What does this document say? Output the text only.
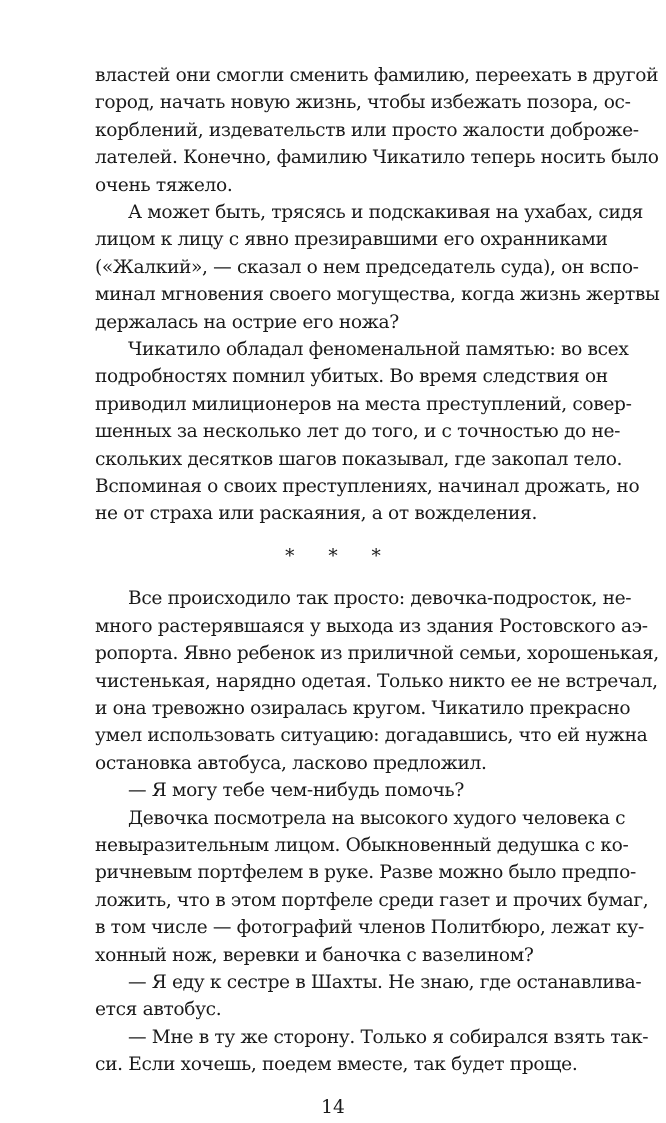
властей они смогли сменить фамилию, переехать в другой

город, начать новую жизнь, чтобы избежать позора, ос-

корблений, издевательств или просто жалости доброже-

лателей. Конечно, фамилию Чикатило теперь носить было

очень тяжело.

А может быть, трясясь и подскакивая на ухабах, сидя

лицом к лицу с явно презиравшими его охранниками

(«Жалкий», — сказал о нем председатель суда), он вспо-

минал мгновения своего могущества, когда жизнь жертвы

держалась на острие его ножа?

Чикатило обладал феноменальной памятью: во всех

подробностях помнил убитых. Во время следствия он

приводил милиционеров на места преступлений, совер-

шенных за несколько лет до того, и с точностью до не-

скольких десятков шагов показывал, где закопал тело.

Вспоминая о своих преступлениях, начинал дрожать, но

не от страха или раскаяния, а от вожделения.

* * *

Все происходило так просто: девочка-подросток, не-

много растерявшаяся у выхода из здания Ростовского аэ-

ропорта. Явно ребенок из приличной семьи, хорошенькая,

чистенькая, нарядно одетая. Только никто ее не встречал,

и она тревожно озиралась кругом. Чикатило прекрасно

умел использовать ситуацию: догадавшись, что ей нужна

остановка автобуса, ласково предложил.

— Я могу тебе чем-нибудь помочь?

Девочка посмотрела на высокого худого человека с

невыразительным лицом. Обыкновенный дедушка с ко-

ричневым портфелем в руке. Разве можно было предпо-

ложить, что в этом портфеле среди газет и прочих бумаг,

в том числе — фотографий членов Политбюро, лежат ку-

хонный нож, веревки и баночка с вазелином?

— Я еду к сестре в Шахты. Не знаю, где останавлива-

ется автобус.

— Мне в ту же сторону. Только я собирался взять так-

си. Если хочешь, поедем вместе, так будет проще.

14
